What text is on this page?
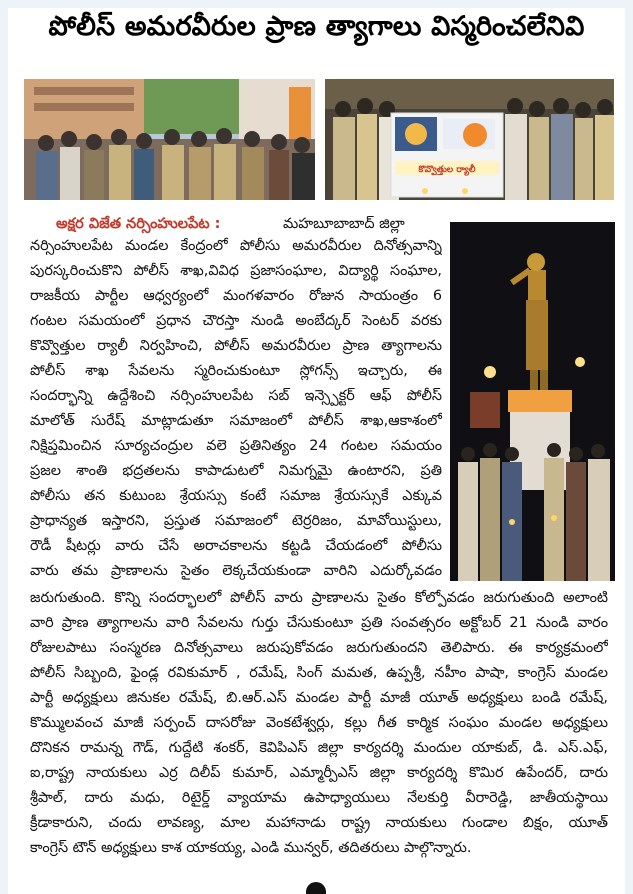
పోలీస్ అమరవీరుల ప్రాణ త్యాగాలు విస్మరించలేనివి
కొవ్వొత్తుల ర్యాలీ
అక్షర విజేత నర్సింహులపేట :	మహబూబాబాద్ జిల్లా
నర్సింహులపేట మండల కేంద్రంలో పోలీసు అమరవీరుల దినోత్సవాన్ని
పురస్కరించుకొని పోలీస్ శాఖ,వివిధ ప్రజాసంఘాల, విద్యార్థి సంఘాల,
రాజకీయ పార్టీల ఆధ్వర్యంలో మంగళవారం రోజున సాయంత్రం 6
గంటల సమయంలో ప్రధాన చౌరస్తా నుండి అంబేద్కర్ సెంటర్ వరకు
కొవ్వొత్తుల ర్యాలీ నిర్వహించి, పోలీస్ అమరవీరుల ప్రాణ త్యాగాలను
పోలీస్ శాఖ సేవలను స్మరించుకుంటూ స్లోగన్స్ ఇచ్చారు, ఈ
సందర్భాన్ని ఉద్దేశించి నర్సింహులపేట సబ్ ఇన్స్పెక్టర్ ఆఫ్ పోలీస్
మాలోత్ సురేష్ మాట్లాడుతూ సమాజంలో పోలీస్ శాఖ,ఆకాశంలో
నిక్షిప్తమించిన సూర్యచంద్రుల వలె ప్రతినిత్యం 24 గంటల సమయం
ప్రజల శాంతి భద్రతలను కాపాడుటలో నిమగ్నమై ఉంటారని, ప్రతి
పోలీసు తన కుటుంబ శ్రేయస్సు కంటే సమాజ శ్రేయస్సుకే ఎక్కువ
ప్రాధాన్యత ఇస్తారని, ప్రస్తుత సమాజంలో టెర్రరిజం, మావోయిస్టులు,
రౌడీ షీటర్లు వారు చేసే అరాచకాలను కట్టడి చేయడంలో పోలీసు
వారు తమ ప్రాణాలను సైతం లెక్కచేయకుండా వారిని ఎదుర్కోవడం
జరుగుతుంది. కొన్ని సందర్భాలలో పోలీస్ వారు ప్రాణాలను సైతం కోల్పోవడం జరుగుతుంది అలాంటి
వారి ప్రాణ త్యాగాలను వారి సేవలను గుర్తు చేసుకుంటూ ప్రతి సంవత్సరం అక్టోబర్ 21 నుండి వారం
రోజులపాటు సంస్మరణ దినోత్సవాలు జరుపుకోవడం జరుగుతుందని తెలిపారు. ఈ కార్యక్రమంలో
పోలీస్ సిబ్బంది, ఫైండ్ల రవికుమార్ , రమేష్, సింగ్ మమత, ఉప్పశ్రీ, నహీం పాషా, కాంగ్రెస్ మండల
పార్టీ అధ్యక్షులు జినుకల రమేష్, బి.ఆర్.ఎస్ మండల పార్టీ మాజీ యూత్ అధ్యక్షులు బండి రమేష్,
కొమ్ములవంచ మాజీ సర్పంచ్ దాసరోజు వెంకటేశ్వర్లు, కల్లు గీత కార్మిక సంఘం మండల అధ్యక్షులు
దొనికన రామన్న గౌడ్, గుద్దేటి శంకర్, కెవిపిఎస్ జిల్లా కార్యదర్శి మందుల యాకుబ్, డి. ఎస్.ఎఫ్,
ఐ,రాష్ట్ర నాయకులు ఎర్ర దిలీప్ కుమార్, ఎమ్మార్పీఎస్ జిల్లా కార్యదర్శి కొమిర ఉపేందర్, దారు
శ్రీపాల్, దారు మధు, రిటైర్డ్ వ్యాయామ ఉపాధ్యాయులు నేలకుర్తి వీరారెడ్డి, జాతీయస్థాయి
క్రీడాకారుని, చందు లావణ్య, మాల మహానాడు రాష్ట్ర నాయకులు గుండాల బిక్షం, యూత్
కాంగ్రెస్ టౌన్ అధ్యక్షులు కాశ యాకయ్య, ఎండి మున్వర్, తదితరులు పాల్గొన్నారు.
